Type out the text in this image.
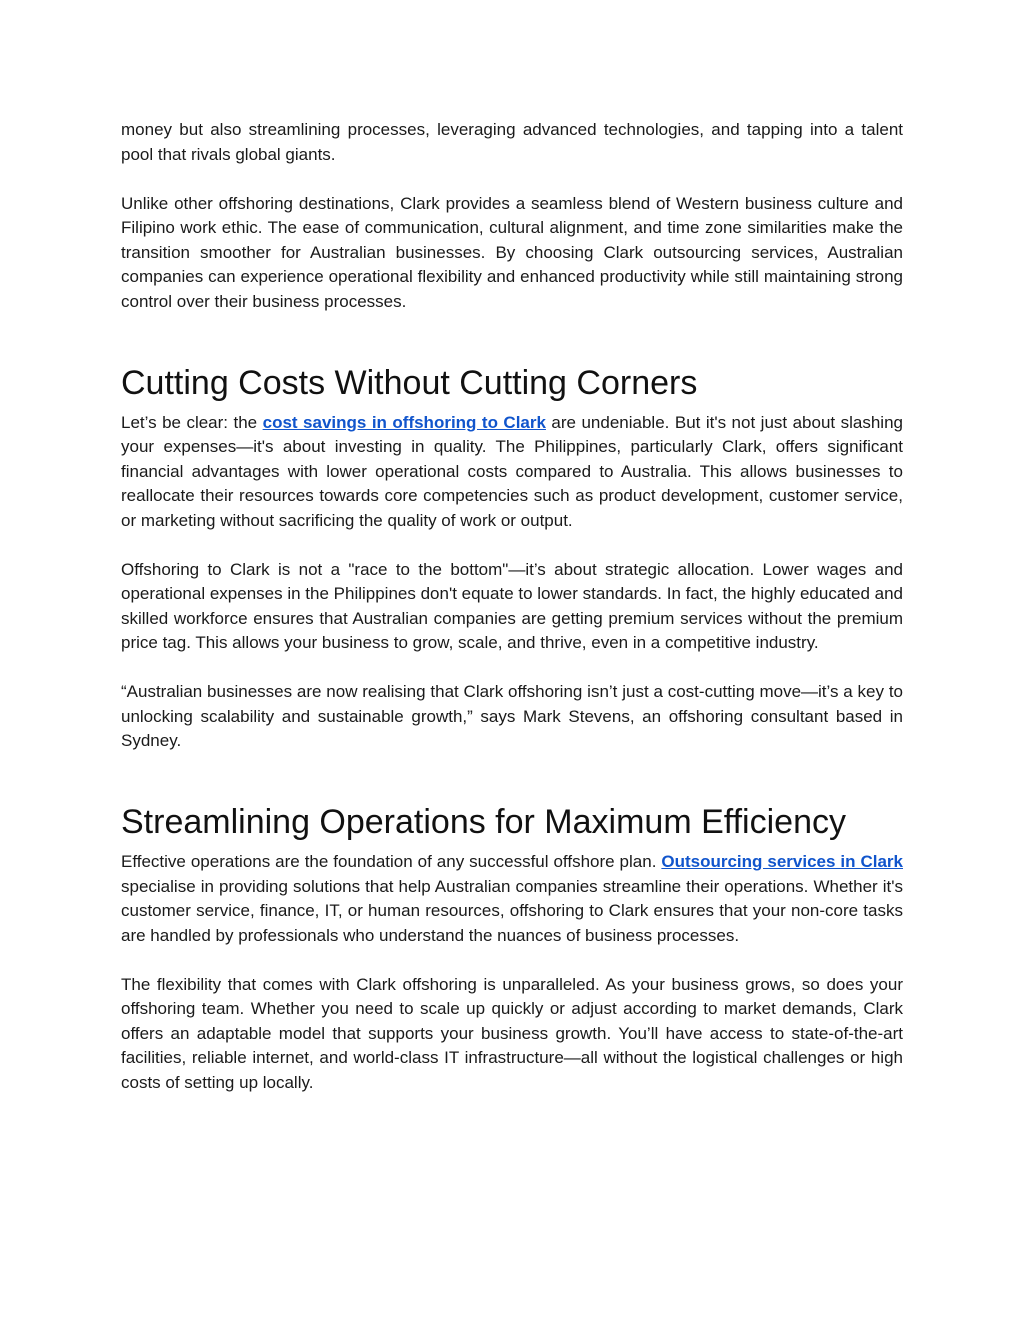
money but also streamlining processes, leveraging advanced technologies, and tapping into a talent pool that rivals global giants.

Unlike other offshoring destinations, Clark provides a seamless blend of Western business culture and Filipino work ethic. The ease of communication, cultural alignment, and time zone similarities make the transition smoother for Australian businesses. By choosing Clark outsourcing services, Australian companies can experience operational flexibility and enhanced productivity while still maintaining strong control over their business processes.

Cutting Costs Without Cutting Corners

Let’s be clear: the cost savings in offshoring to Clark are undeniable. But it's not just about slashing your expenses—it's about investing in quality. The Philippines, particularly Clark, offers significant financial advantages with lower operational costs compared to Australia. This allows businesses to reallocate their resources towards core competencies such as product development, customer service, or marketing without sacrificing the quality of work or output.

Offshoring to Clark is not a "race to the bottom"—it’s about strategic allocation. Lower wages and operational expenses in the Philippines don't equate to lower standards. In fact, the highly educated and skilled workforce ensures that Australian companies are getting premium services without the premium price tag. This allows your business to grow, scale, and thrive, even in a competitive industry.

“Australian businesses are now realising that Clark offshoring isn’t just a cost-cutting move—it’s a key to unlocking scalability and sustainable growth,” says Mark Stevens, an offshoring consultant based in Sydney.

Streamlining Operations for Maximum Efficiency

Effective operations are the foundation of any successful offshore plan. Outsourcing services in Clark specialise in providing solutions that help Australian companies streamline their operations. Whether it's customer service, finance, IT, or human resources, offshoring to Clark ensures that your non-core tasks are handled by professionals who understand the nuances of business processes.

The flexibility that comes with Clark offshoring is unparalleled. As your business grows, so does your offshoring team. Whether you need to scale up quickly or adjust according to market demands, Clark offers an adaptable model that supports your business growth. You’ll have access to state-of-the-art facilities, reliable internet, and world-class IT infrastructure—all without the logistical challenges or high costs of setting up locally.
